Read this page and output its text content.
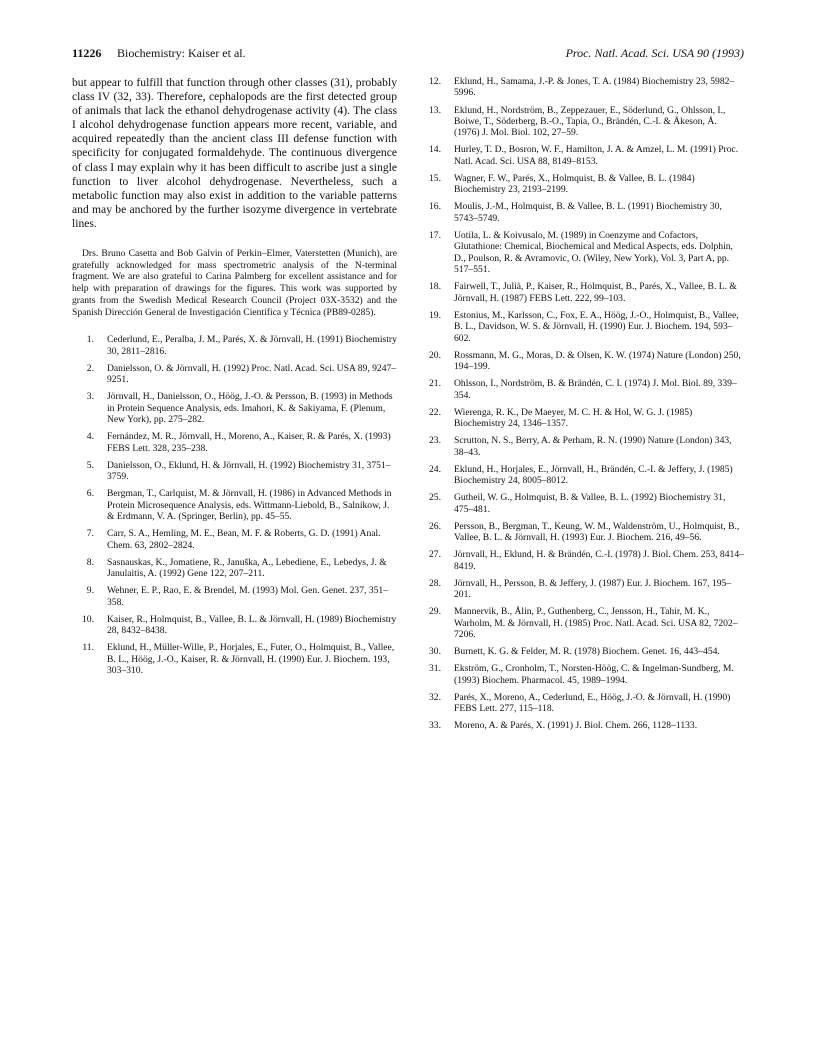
11226 Biochemistry: Kaiser et al.	Proc. Natl. Acad. Sci. USA 90 (1993)

but appear to fulfill that function through other classes (31), probably class IV (32, 33). Therefore, cephalopods are the first detected group of animals that lack the ethanol dehydrogenase activity (4). The class I alcohol dehydrogenase function appears more recent, variable, and acquired repeatedly than the ancient class III defense function with specificity for conjugated formaldehyde. The continuous divergence of class I may explain why it has been difficult to ascribe just a single function to liver alcohol dehydrogenase. Nevertheless, such a metabolic function may also exist in addition to the variable patterns and may be anchored by the further isozyme divergence in vertebrate lines.

Drs. Bruno Casetta and Bob Galvin of Perkin–Elmer, Vaterstetten (Munich), are gratefully acknowledged for mass spectrometric analysis of the N-terminal fragment. We are also grateful to Carina Palmberg for excellent assistance and for help with preparation of drawings for the figures. This work was supported by grants from the Swedish Medical Research Council (Project 03X-3532) and the Spanish Dirección General de Investigación Científica y Técnica (PB89-0285).

1. Cederlund, E., Peralba, J. M., Parés, X. & Jörnvall, H. (1991) Biochemistry 30, 2811–2816.
2. Danielsson, O. & Jörnvall, H. (1992) Proc. Natl. Acad. Sci. USA 89, 9247–9251.
3. Jörnvall, H., Danielsson, O., Höög, J.-O. & Persson, B. (1993) in Methods in Protein Sequence Analysis, eds. Imahori, K. & Sakiyama, F. (Plenum, New York), pp. 275–282.
4. Fernández, M. R., Jörnvall, H., Moreno, A., Kaiser, R. & Parés, X. (1993) FEBS Lett. 328, 235–238.
5. Danielsson, O., Eklund, H. & Jörnvall, H. (1992) Biochemistry 31, 3751–3759.
6. Bergman, T., Carlquist, M. & Jörnvall, H. (1986) in Advanced Methods in Protein Microsequence Analysis, eds. Wittmann-Liebold, B., Salnikow, J. & Erdmann, V. A. (Springer, Berlin), pp. 45–55.
7. Carr, S. A., Hemling, M. E., Bean, M. F. & Roberts, G. D. (1991) Anal. Chem. 63, 2802–2824.
8. Sasnauskas, K., Jomatiene, R., Januška, A., Lebediene, E., Lebedys, J. & Janulaitis, A. (1992) Gene 122, 207–211.
9. Wehner, E. P., Rao, E. & Brendel, M. (1993) Mol. Gen. Genet. 237, 351–358.
10. Kaiser, R., Holmquist, B., Vallee, B. L. & Jörnvall, H. (1989) Biochemistry 28, 8432–8438.
11. Eklund, H., Müller-Wille, P., Horjales, E., Futer, O., Holmquist, B., Vallee, B. L., Höög, J.-O., Kaiser, R. & Jörnvall, H. (1990) Eur. J. Biochem. 193, 303–310.
12. Eklund, H., Samama, J.-P. & Jones, T. A. (1984) Biochemistry 23, 5982–5996.
13. Eklund, H., Nordström, B., Zeppezauer, E., Söderlund, G., Ohlsson, I., Boiwe, T., Söderberg, B.-O., Tapia, O., Brändén, C.-I. & Åkeson, Å. (1976) J. Mol. Biol. 102, 27–59.
14. Hurley, T. D., Bosron, W. F., Hamilton, J. A. & Amzel, L. M. (1991) Proc. Natl. Acad. Sci. USA 88, 8149–8153.
15. Wagner, F. W., Parés, X., Holmquist, B. & Vallee, B. L. (1984) Biochemistry 23, 2193–2199.
16. Moulis, J.-M., Holmquist, B. & Vallee, B. L. (1991) Biochemistry 30, 5743–5749.
17. Uotila, L. & Koivusalo, M. (1989) in Coenzyme and Cofactors, Glutathione: Chemical, Biochemical and Medical Aspects, eds. Dolphin, D., Poulson, R. & Avramovic, O. (Wiley, New York), Vol. 3, Part A, pp. 517–551.
18. Fairwell, T., Julià, P., Kaiser, R., Holmquist, B., Parés, X., Vallee, B. L. & Jörnvall, H. (1987) FEBS Lett. 222, 99–103.
19. Estonius, M., Karlsson, C., Fox, E. A., Höög, J.-O., Holmquist, B., Vallee, B. L., Davidson, W. S. & Jörnvall, H. (1990) Eur. J. Biochem. 194, 593–602.
20. Rossmann, M. G., Moras, D. & Olsen, K. W. (1974) Nature (London) 250, 194–199.
21. Ohlsson, I., Nordström, B. & Brändén, C. I. (1974) J. Mol. Biol. 89, 339–354.
22. Wierenga, R. K., De Maeyer, M. C. H. & Hol, W. G. J. (1985) Biochemistry 24, 1346–1357.
23. Scrutton, N. S., Berry, A. & Perham, R. N. (1990) Nature (London) 343, 38–43.
24. Eklund, H., Horjales, E., Jörnvall, H., Brändén, C.-I. & Jeffery, J. (1985) Biochemistry 24, 8005–8012.
25. Gutheil, W. G., Holmquist, B. & Vallee, B. L. (1992) Biochemistry 31, 475–481.
26. Persson, B., Bergman, T., Keung, W. M., Waldenström, U., Holmquist, B., Vallee, B. L. & Jörnvall, H. (1993) Eur. J. Biochem. 216, 49–56.
27. Jörnvall, H., Eklund, H. & Brändén, C.-I. (1978) J. Biol. Chem. 253, 8414–8419.
28. Jörnvall, H., Persson, B. & Jeffery, J. (1987) Eur. J. Biochem. 167, 195–201.
29. Mannervik, B., Ålin, P., Guthenberg, C., Jensson, H., Tahir, M. K., Warholm, M. & Jörnvall, H. (1985) Proc. Natl. Acad. Sci. USA 82, 7202–7206.
30. Burnett, K. G. & Felder, M. R. (1978) Biochem. Genet. 16, 443–454.
31. Ekström, G., Cronholm, T., Norsten-Höög, C. & Ingelman-Sundberg, M. (1993) Biochem. Pharmacol. 45, 1989–1994.
32. Parés, X., Moreno, A., Cederlund, E., Höög, J.-O. & Jörnvall, H. (1990) FEBS Lett. 277, 115–118.
33. Moreno, A. & Parés, X. (1991) J. Biol. Chem. 266, 1128–1133.
